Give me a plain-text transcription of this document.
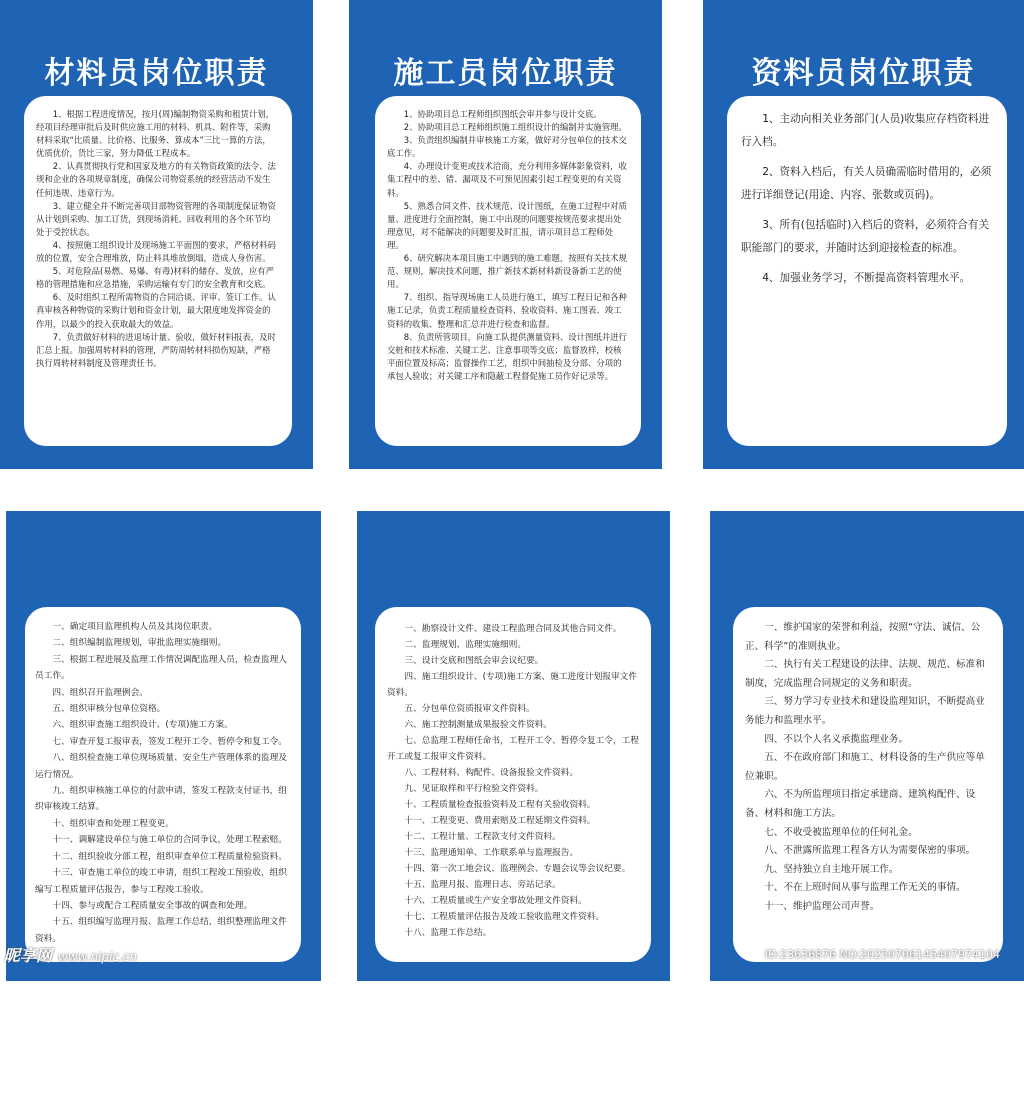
材料员岗位职责

1、根据工程进度情况，按月(周)编制物资采购和租赁计划，经项目经理审批后及时供应施工用的材料、机具、附件等，采购材料采取“比质量、比价格、比服务、算成本”三比一算的方法，优质优价，货比三家，努力降低工程成本。

2、认真贯彻执行党和国家及地方的有关物资政策的法令、法规和企业的各项规章制度，确保公司物资系统的经营活动不发生任何违规、违章行为。

3、建立健全并不断完善项目部物资管理的各项制度保证物资从计划到采购、加工订货，到现场消耗、回收利用的各个环节均处于受控状态。

4、按照施工组织设计及现场施工平面图的要求，严格材料码放的位置，安全合理堆放，防止料具堆放倒塌，造成人身伤害。

5、对危险品(易燃、易爆、有毒)材料的储存、发放，应有严格的管理措施和应急措施，采购运输有专门的安全教育和交底。

6、及时组织工程所需物资的合同洽谈、评审、签订工作。认真审核各种物资的采购计划和资金计划，最大限度地发挥资金的作用，以最少的投入获取最大的效益。

7、负责做好材料的进退场计量、验收，做好材料报表，及时汇总上报。加强周转材料的管理，严防周转材料损伤短缺，严格执行周转材料制度及管理责任书。

施工员岗位职责

1、协助项目总工程师组织图纸会审并参与设计交底。

2、协助项目总工程师组织施工组织设计的编制并实施管理。

3、负责组织编制并审核施工方案，做好对分包单位的技术交底工作。

4、办理设计变更或技术洽商，充分利用多媒体影象资料，收集工程中的差、错、漏项及不可预见因素引起工程变更的有关资料。

5、熟悉合同文件、技术规范、设计图纸，在施工过程中对质量、进度进行全面控制，施工中出现的问题要按规范要求提出处理意见，对不能解决的问题要及时汇报，请示项目总工程师处理。

6、研究解决本项目施工中遇到的施工难题，按照有关技术规范、规则，解决技术问题，推广新技术新材料新设备新工艺的使用。

7、组织、指导现场施工人员进行施工，填写工程日记和各种施工记录，负责工程质量检查资料、验收资料、施工图表、竣工资料的收集、整理和汇总并进行检查和监督。

8、负责所管项目，向施工队提供测量资料、设计图纸并进行交桩和技术标准、关键工艺、注意事项等交底；监督放样，校核平面位置及标高；监督操作工艺，组织中间抽检及分部、分项的承包人验收；对关键工序和隐蔽工程督促施工员作好记录等。

资料员岗位职责

1、主动向相关业务部门(人员)收集应存档资料进行入档。

2、资料入档后，有关人员确需临时借用的，必须进行详细登记(用途、内容、张数或页码)。

3、所有(包括临时)入档后的资料，必须符合有关职能部门的要求，并随时达到迎接检查的标准。

4、加强业务学习，不断提高资料管理水平。

总监理工程师职责

一、确定项目监理机构人员及其岗位职责。

二、组织编制监理规划，审批监理实施细则。

三、根据工程进展及监理工作情况调配监理人员，检查监理人员工作。

四、组织召开监理例会。

五、组织审核分包单位资格。

六、组织审查施工组织设计、(专项)施工方案。

七、审查开复工报审表，签发工程开工令、暂停令和复工令。

八、组织检查施工单位现场质量、安全生产管理体系的监理及运行情况。

九、组织审核施工单位的付款申请，签发工程款支付证书，组织审核竣工结算。

十、组织审查和处理工程变更。

十一、调解建设单位与施工单位的合同争议，处理工程索赔。

十二、组织验收分部工程，组织审查单位工程质量检验资料。

十三、审查施工单位的竣工申请，组织工程竣工预验收，组织编写工程质量评估报告，参与工程竣工验收。

十四、参与或配合工程质量安全事故的调查和处理。

十五、组织编写监理月报、监理工作总结，组织整理监理文件资料。

监理文件资料

一、勘察设计文件、建设工程监理合同及其他合同文件。

二、监理规划、监理实施细则。

三、设计交底和图纸会审会议纪要。

四、施工组织设计、(专项)施工方案、施工进度计划报审文件资料。

五、分包单位资质报审文件资料。

六、施工控制测量成果报验文件资料。

七、总监理工程师任命书，工程开工令、暂停令复工令，工程开工或复工报审文件资料。

八、工程材料、构配件、设备报验文件资料。

九、见证取样和平行检验文件资料。

十、工程质量检查报验资料及工程有关验收资料。

十一、工程变更、费用索赔及工程延期文件资料。

十二、工程计量、工程款支付文件资料。

十三、监理通知单、工作联系单与监理报告。

十四、第一次工地会议、监理例会、专题会议等会议纪要。

十五、监理月报、监理日志、旁站记录。

十六、工程质量或生产安全事故处理文件资料。

十七、工程质量评估报告及竣工验收监理文件资料。

十八、监理工作总结。

监理工作守则

一、维护国家的荣誉和利益，按照“守法、诚信、公正、科学”的准则执业。

二、执行有关工程建设的法律、法规、规范、标准和制度，完成监理合同规定的义务和职责。

三、努力学习专业技术和建设监理知识，不断提高业务能力和监理水平。

四、不以个人名义承揽监理业务。

五、不在政府部门和施工、材料设备的生产供应等单位兼职。

六、不为所监理项目指定承建商、建筑构配件、设备、材料和施工方法。

七、不收受被监理单位的任何礼金。

八、不泄露所监理工程各方认为需要保密的事项。

九、坚持独立自主地开展工作。

十、不在上班时间从事与监理工作无关的事情。

十一、维护监理公司声誉。

昵享网 www.nipic.cn	ID:23636876 NO:20250706145407974104
